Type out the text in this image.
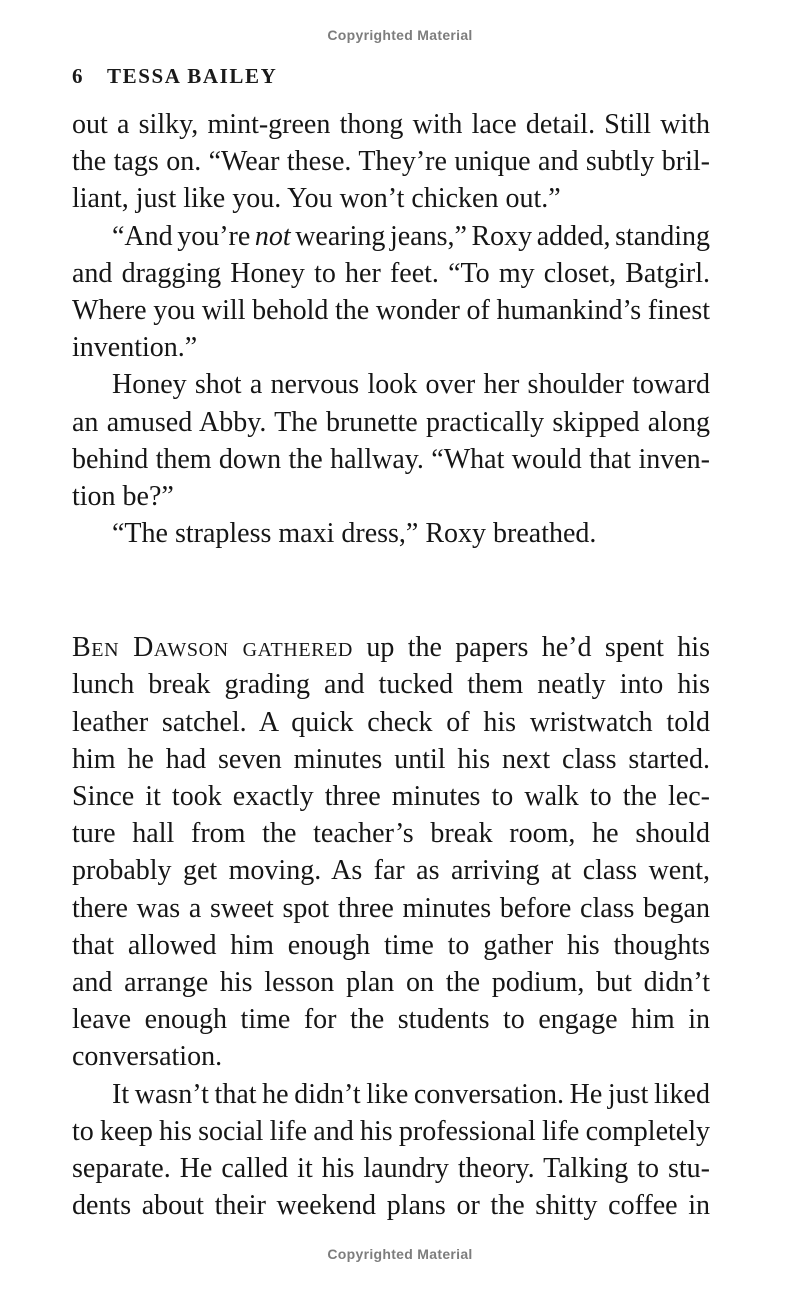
Copyrighted Material
6 TESSA BAILEY
out a silky, mint-green thong with lace detail. Still with
the tags on. “Wear these. They’re unique and subtly bril-
liant, just like you. You won’t chicken out.”
“And you’re not wearing jeans,” Roxy added, standing
and dragging Honey to her feet. “To my closet, Batgirl.
Where you will behold the wonder of humankind’s finest
invention.”
Honey shot a nervous look over her shoulder toward
an amused Abby. The brunette practically skipped along
behind them down the hallway. “What would that inven-
tion be?”
“The strapless maxi dress,” Roxy breathed.
Ben Dawson gathered up the papers he’d spent his
lunch break grading and tucked them neatly into his
leather satchel. A quick check of his wristwatch told
him he had seven minutes until his next class started.
Since it took exactly three minutes to walk to the lec-
ture hall from the teacher’s break room, he should
probably get moving. As far as arriving at class went,
there was a sweet spot three minutes before class began
that allowed him enough time to gather his thoughts
and arrange his lesson plan on the podium, but didn’t
leave enough time for the students to engage him in
conversation.
It wasn’t that he didn’t like conversation. He just liked
to keep his social life and his professional life completely
separate. He called it his laundry theory. Talking to stu-
dents about their weekend plans or the shitty coffee in
Copyrighted Material
